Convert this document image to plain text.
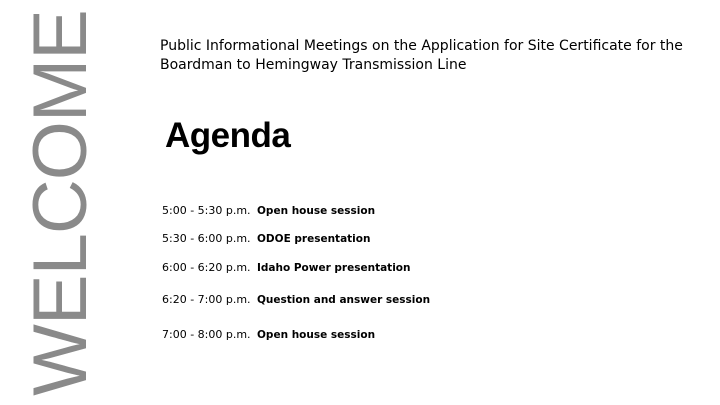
WELCOME	Public Informational Meetings on the Application for Site Certificate for the Boardman to Hemingway Transmission Line
Agenda
5:00 - 5:30 p.m. Open house session
5:30 - 6:00 p.m. ODOE presentation
6:00 - 6:20 p.m. Idaho Power presentation
6:20 - 7:00 p.m. Question and answer session
7:00 - 8:00 p.m. Open house session
